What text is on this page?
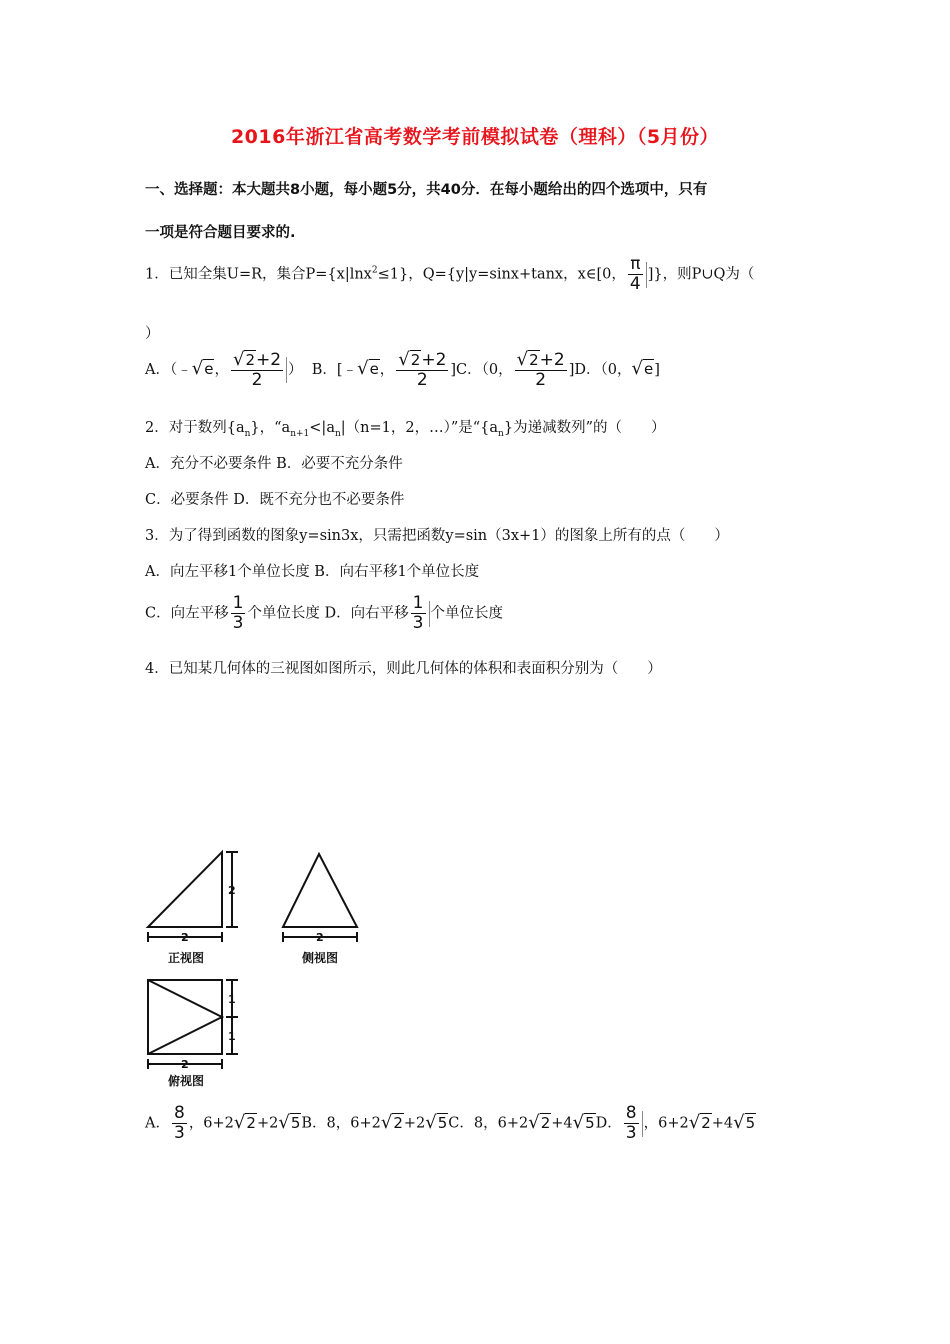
2016年浙江省高考数学考前模拟试卷（理科）（5月份）
一、选择题：本大题共8小题，每小题5分，共40分．在每小题给出的四个选项中，只有
一项是符合题目要求的.
1．已知全集U=R，集合P={x|lnx$^2$≤1}，Q={y|y=sinx+tanx，x∈[0， $\frac{\pi}{4}$ ]}，则P∪Q为（
）
A．（﹣√e， $\frac{√2+2}{2}$ ） B．[﹣√e， $\frac{√2+2}{2} ]C$．（0， $\frac{√2+2}{2} ]D$．（0，√e]
2．对于数列$\{a_n\}$，“$a_{n+1}<|a_n|(n=1$，2，…）”是“$\{a_n\}$为递减数列”的（　　）
A．充分不必要条件 B．必要不充分条件
C．必要条件 D．既不充分也不必要条件
3．为了得到函数的图象y=sin3x，只需把函数y=sin（3x+1）的图象上所有的点（　　）
A．向左平移1个单位长度 B．向右平移1个单位长度
C．向左平移 $\frac{1}{3}$ 个单位长度 D．向右平移 $\frac{1}{3}$ 个单位长度
4．已知某几何体的三视图如图所示，则此几何体的体积和表面积分别为（　　）
2
2	2
1
1
2
正视图	侧视图
俯视图
A． $\frac{8}{3}$ ，6+2√2+2√5B．8，6+2√2+2√5C．8，6+2√2+4√5D． $\frac{8}{3}$ ，6+2√2+4√5
